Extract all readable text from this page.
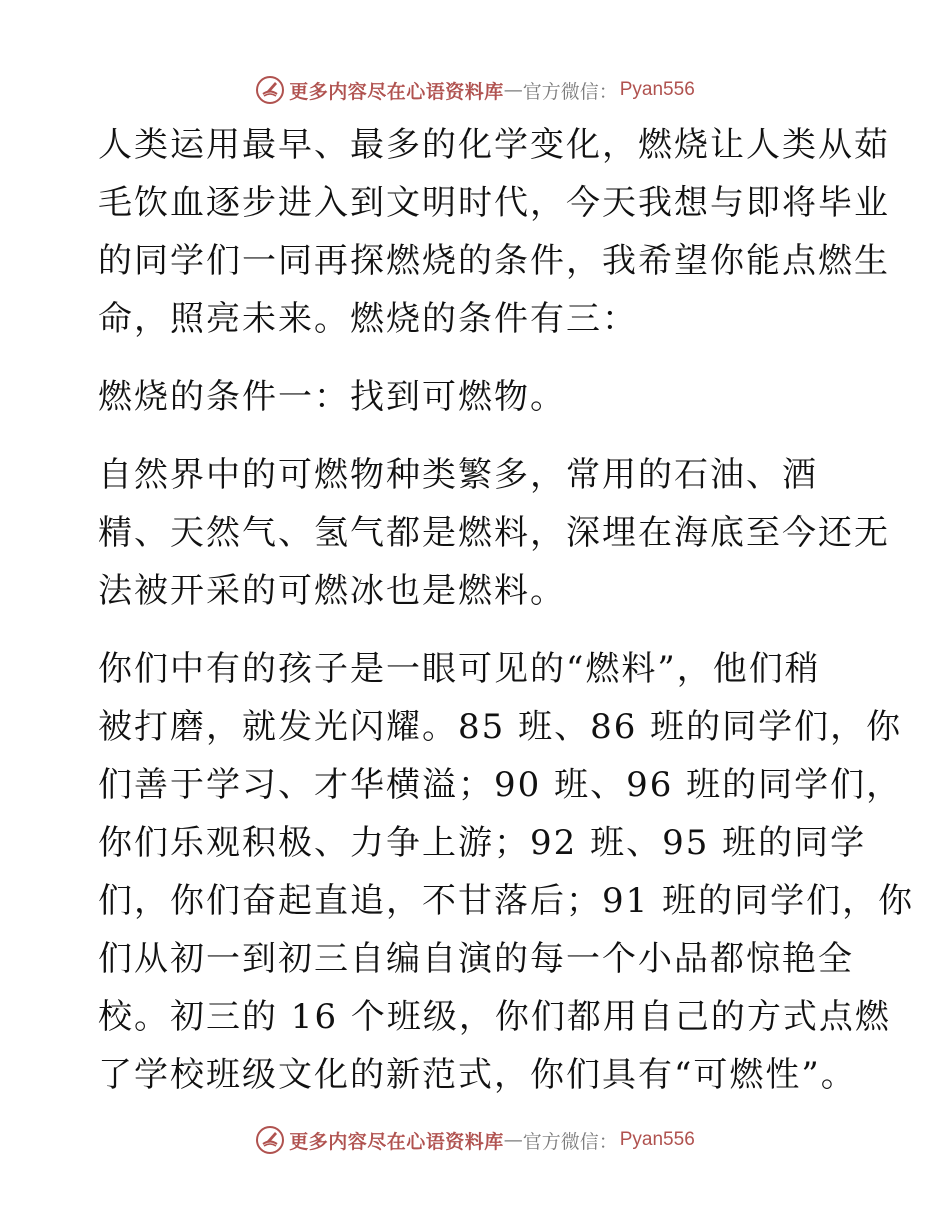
更多内容尽在心语资料库 — 官方微信： Pyan556
人类运用最早、最多的化学变化，燃烧让人类从茹
毛饮血逐步进入到文明时代，今天我想与即将毕业
的同学们一同再探燃烧的条件，我希望你能点燃生
命，照亮未来。燃烧的条件有三：
燃烧的条件一：找到可燃物。
自然界中的可燃物种类繁多，常用的石油、酒
精、天然气、氢气都是燃料，深埋在海底至今还无
法被开采的可燃冰也是燃料。
你们中有的孩子是一眼可见的“燃料”，他们稍
被打磨，就发光闪耀。85 班、86 班的同学们，你
们善于学习、才华横溢；90 班、96 班的同学们，
你们乐观积极、力争上游；92 班、95 班的同学
们，你们奋起直追，不甘落后；91 班的同学们，你
们从初一到初三自编自演的每一个小品都惊艳全
校。初三的 16 个班级，你们都用自己的方式点燃
了学校班级文化的新范式，你们具有“可燃性”。
更多内容尽在心语资料库 — 官方微信： Pyan556
